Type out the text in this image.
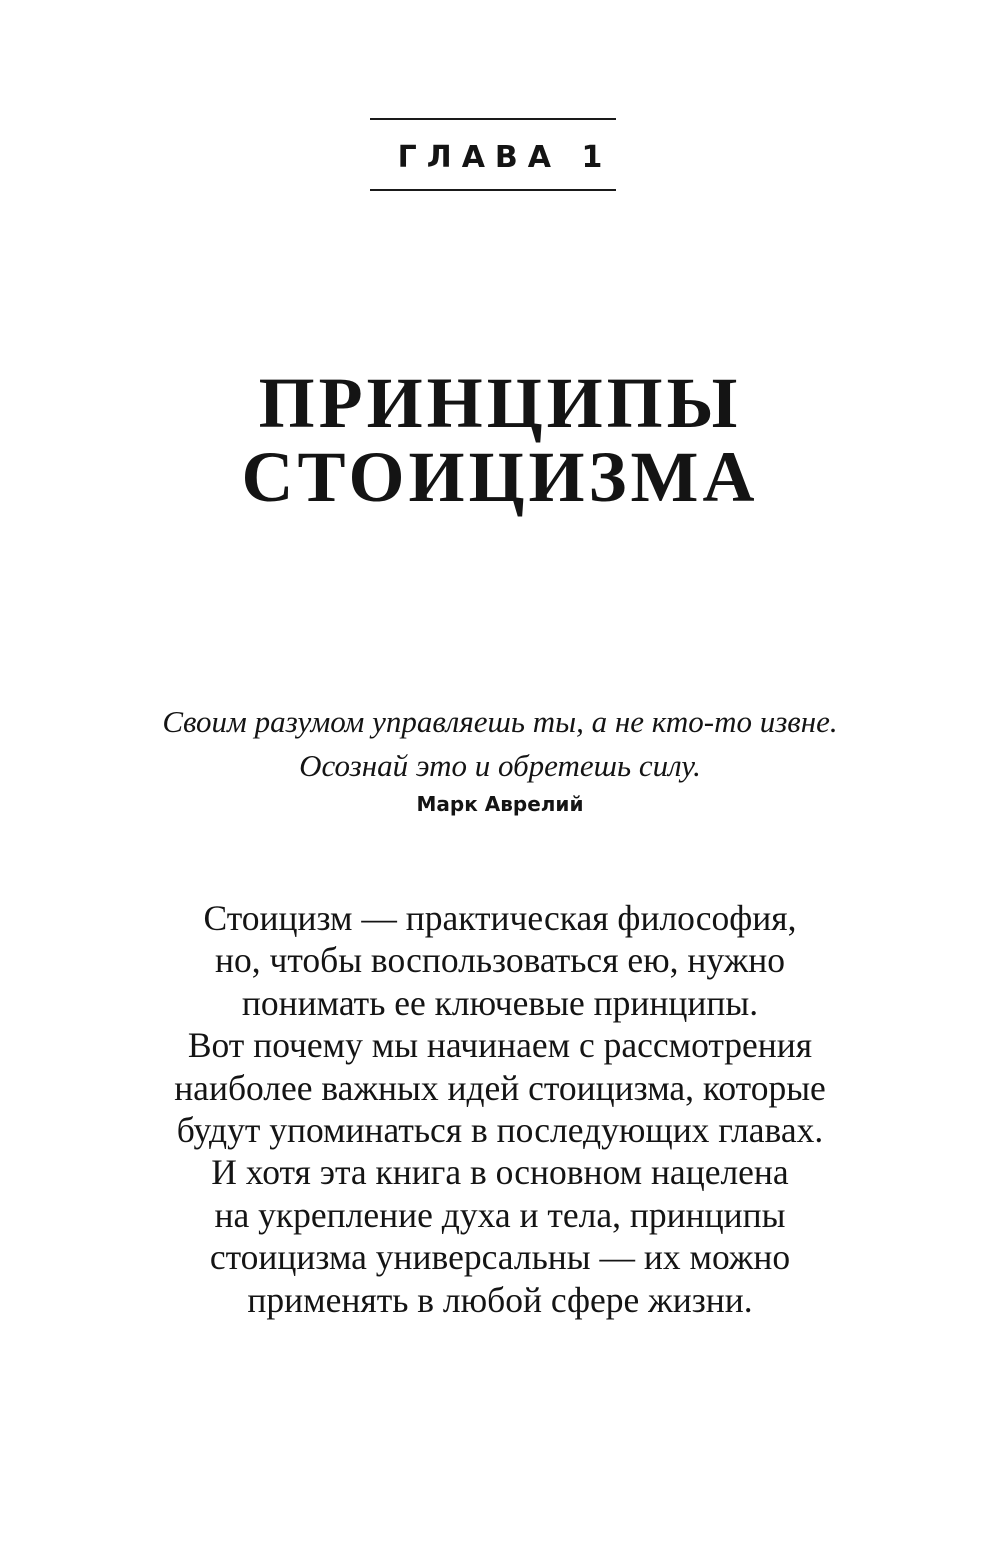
ГЛАВА 1
ПРИНЦИПЫ
СТОИЦИЗМА
Своим разумом управляешь ты, а не кто-то извне.
Осознай это и обретешь силу.
Марк Аврелий
Стоицизм — практическая философия,
но, чтобы воспользоваться ею, нужно
понимать ее ключевые принципы.
Вот почему мы начинаем с рассмотрения
наиболее важных идей стоицизма, которые
будут упоминаться в последующих главах.
И хотя эта книга в основном нацелена
на укрепление духа и тела, принципы
стоицизма универсальны — их можно
применять в любой сфере жизни.
